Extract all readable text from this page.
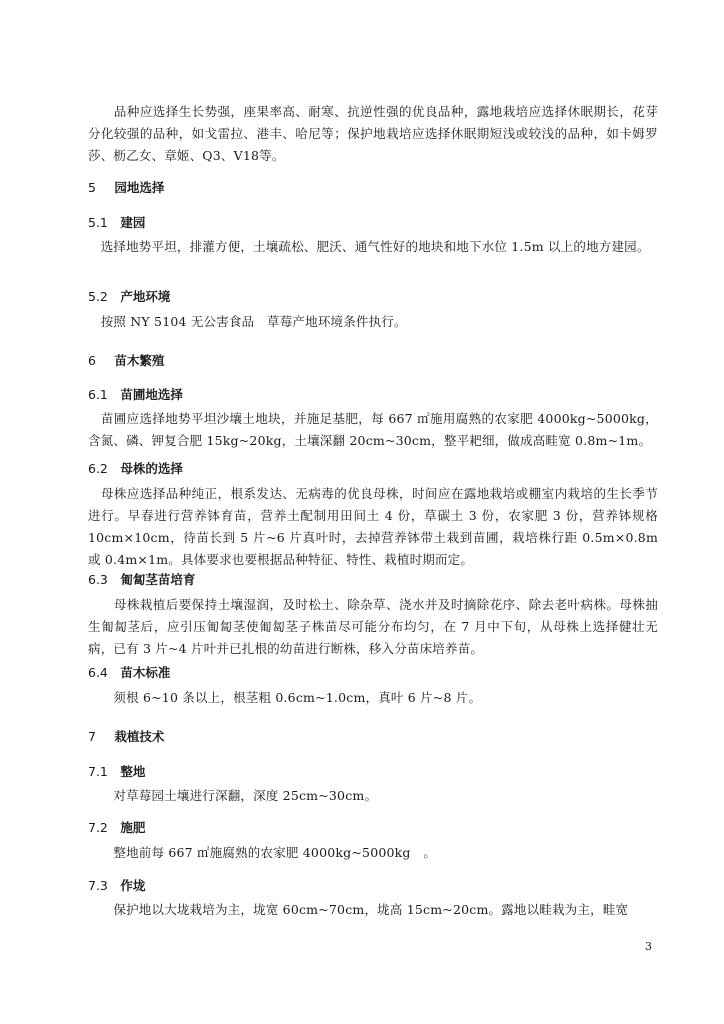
　　品种应选择生长势强，座果率高、耐寒、抗逆性强的优良品种，露地栽培应选择休眠期长，花芽分化较强的品种，如戈雷拉、港丰、哈尼等；保护地栽培应选择休眠期短浅或较浅的品种，如卡姆罗莎、枥乙女、章姬、Q3、V18等。
5 园地选择
5.1 建园
　选择地势平坦，排灌方便，土壤疏松、肥沃、通气性好的地块和地下水位 1.5m 以上的地方建园。
5.2 产地环境
　按照 NY 5104 无公害食品　草莓产地环境条件执行。
6 苗木繁殖
6.1 苗圃地选择
　苗圃应选择地势平坦沙壤土地块，并施足基肥，每 667 ㎡施用腐熟的农家肥 4000kg~5000kg，含氮、磷、钾复合肥 15kg~20kg，土壤深翻 20cm~30cm，整平耙细，做成高畦宽 0.8m~1m。
6.2 母株的选择
　母株应选择品种纯正，根系发达、无病毒的优良母株，时间应在露地栽培或棚室内栽培的生长季节进行。早春进行营养钵育苗，营养土配制用田间土 4 份，草碳土 3 份，农家肥 3 份，营养钵规格 10cm×10cm，待苗长到 5 片~6 片真叶时，去掉营养钵带土栽到苗圃，栽培株行距 0.5m×0.8m 或 0.4m×1m。具体要求也要根据品种特征、特性、栽植时期而定。
6.3 匍匐茎苗培育
　　母株栽植后要保持土壤湿润，及时松土、除杂草、浇水并及时摘除花序、除去老叶病株。母株抽生匍匐茎后，应引压匍匐茎使匍匐茎子株苗尽可能分布均匀，在 7 月中下旬，从母株上选择健壮无病，已有 3 片~4 片叶并已扎根的幼苗进行断株，移入分苗床培养苗。
6.4 苗木标准
　　须根 6~10 条以上，根茎粗 0.6cm~1.0cm，真叶 6 片~8 片。
7 栽植技术
7.1 整地
　　对草莓园土壤进行深翻，深度 25cm~30cm。
7.2 施肥
　　整地前每 667 ㎡施腐熟的农家肥 4000kg~5000kg　。
7.3 作垅
　　保护地以大垅栽培为主，垅宽 60cm~70cm，垅高 15cm~20cm。露地以畦栽为主，畦宽
3
